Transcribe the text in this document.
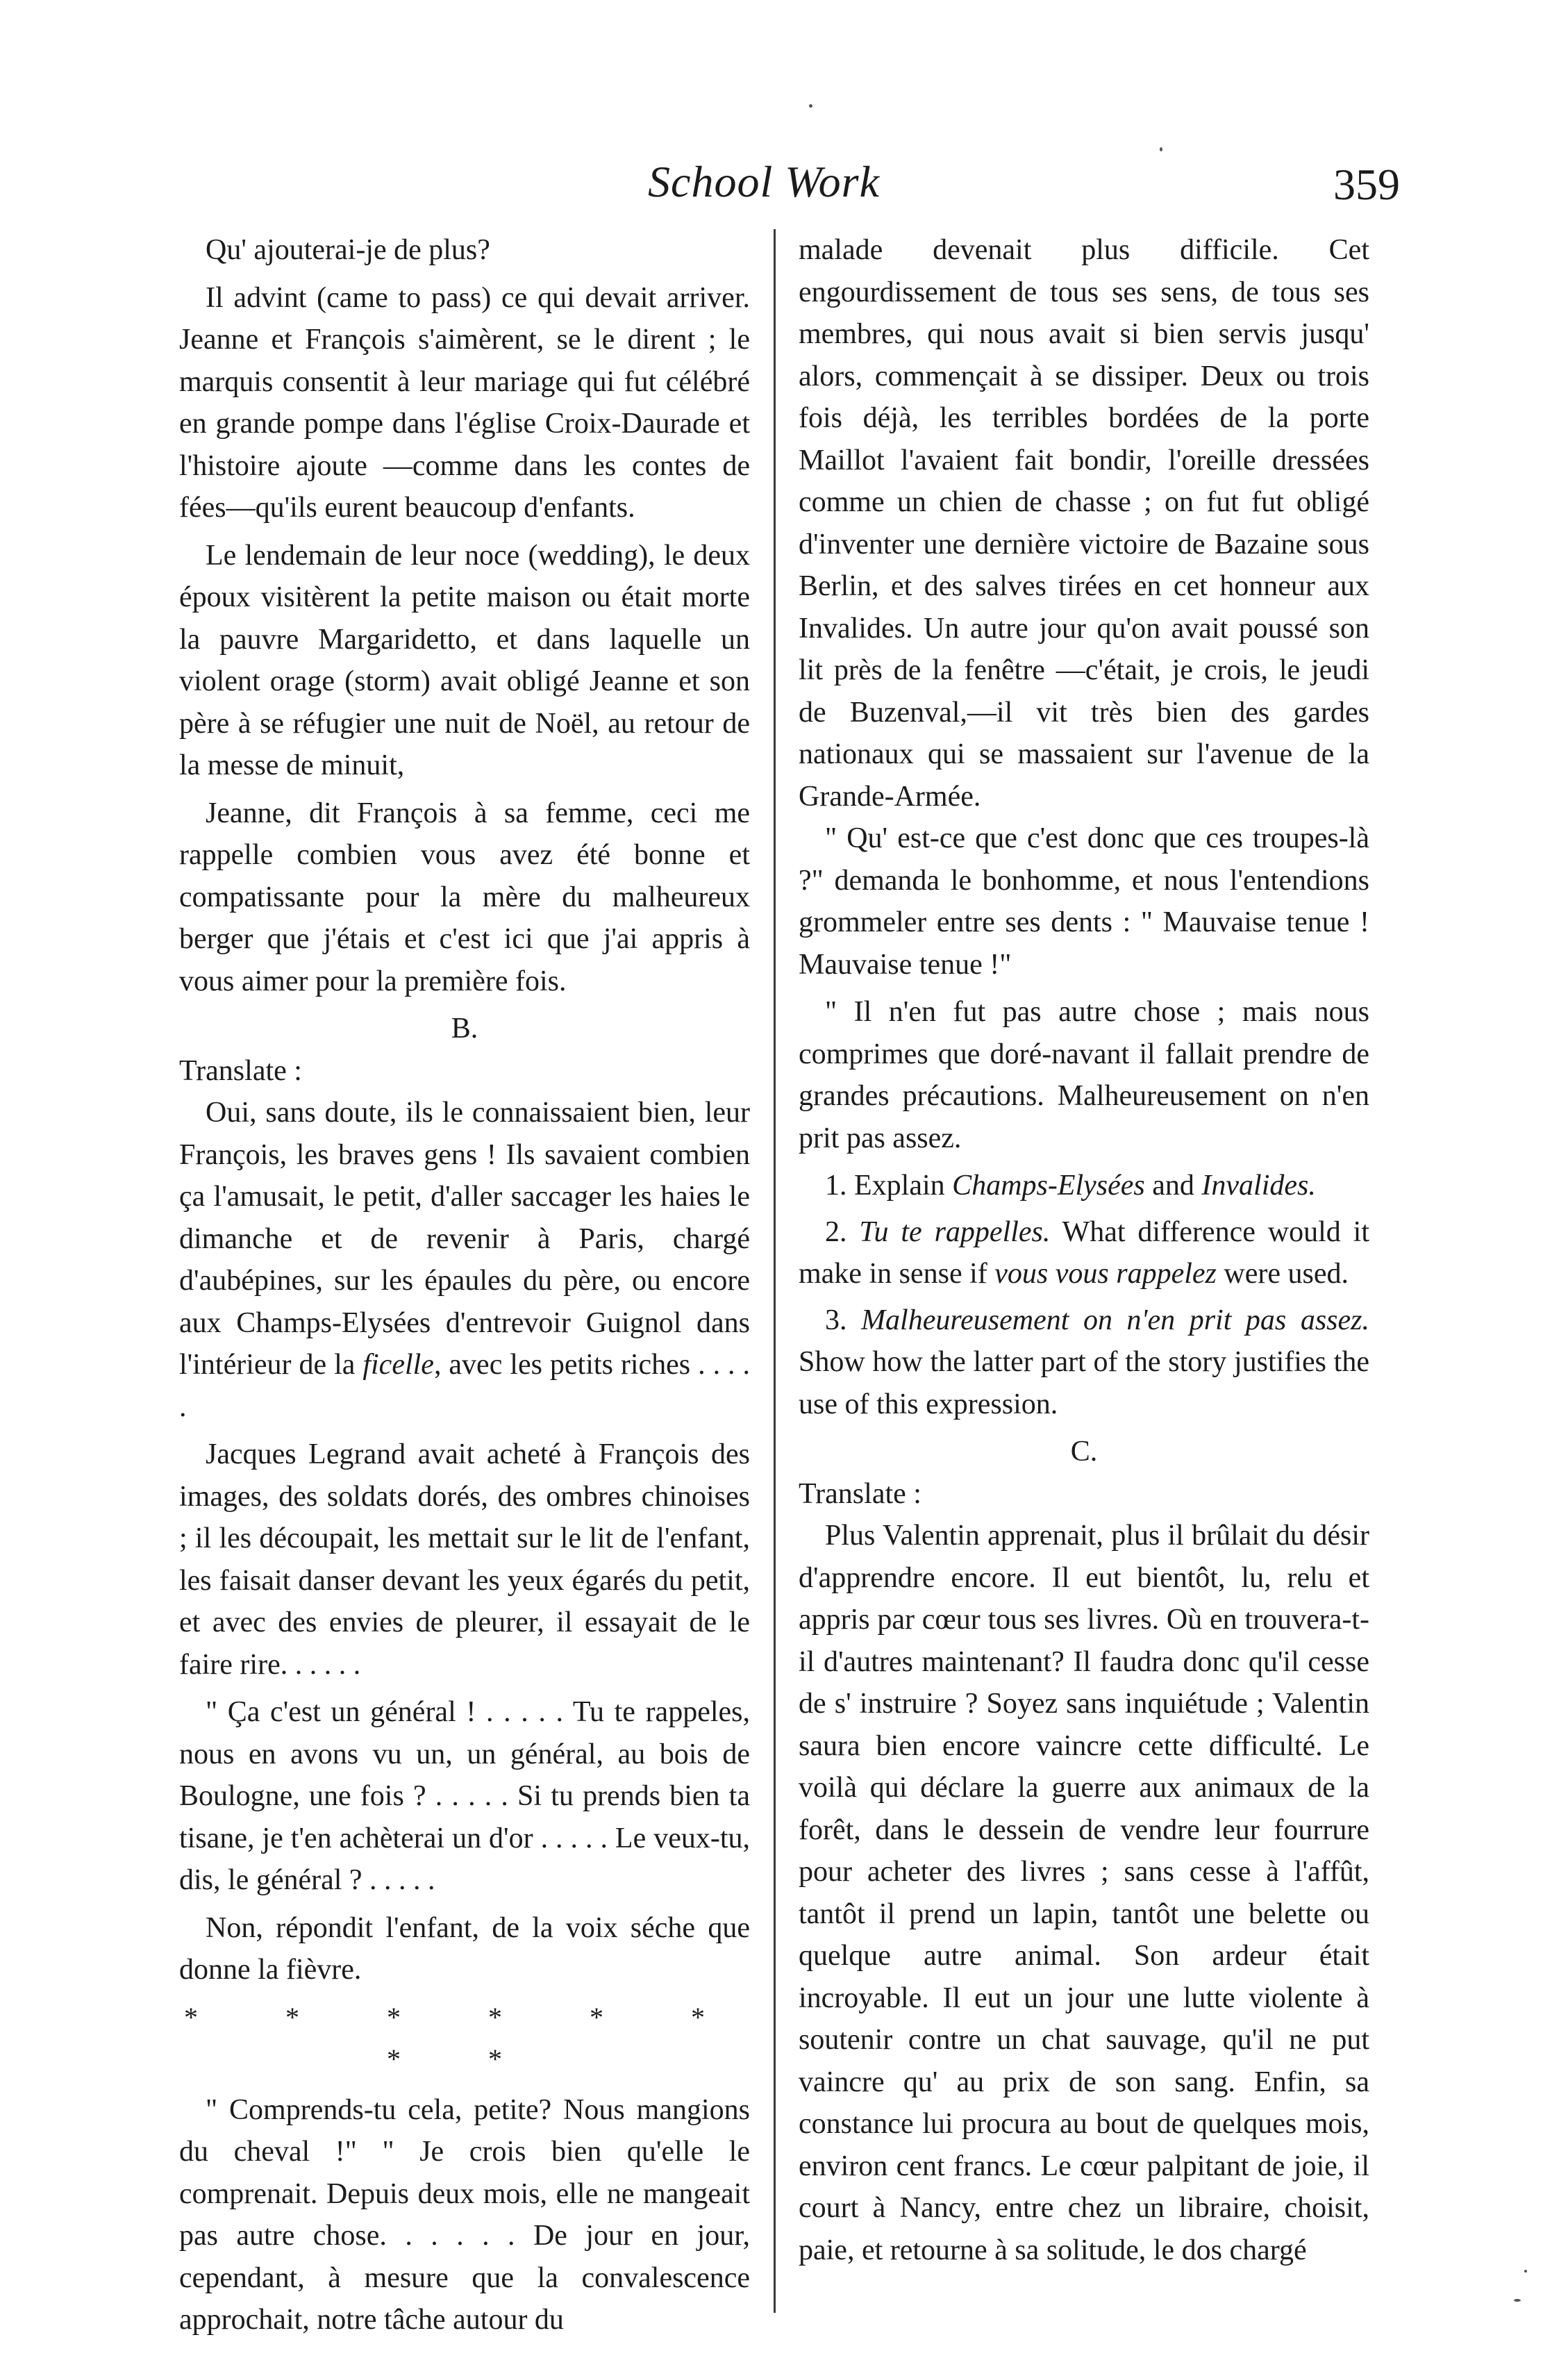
School Work	359

Qu' ajouterai-je de plus?

Il advint (came to pass) ce qui devait arriver. Jeanne et François s'aimèrent, se le dirent ; le marquis consentit à leur mariage qui fut célébré en grande pompe dans l'église Croix-Daurade et l'histoire ajoute —comme dans les contes de fées—qu'ils eurent beaucoup d'enfants.

Le lendemain de leur noce (wedding), le deux époux visitèrent la petite maison ou était morte la pauvre Margaridetto, et dans laquelle un violent orage (storm) avait obligé Jeanne et son père à se réfugier une nuit de Noël, au retour de la messe de minuit,

Jeanne, dit François à sa femme, ceci me rappelle combien vous avez été bonne et compatissante pour la mère du malheureux berger que j'étais et c'est ici que j'ai appris à vous aimer pour la première fois.

B.

Translate :

Oui, sans doute, ils le connaissaient bien, leur François, les braves gens ! Ils savaient combien ça l'amusait, le petit, d'aller saccager les haies le dimanche et de revenir à Paris, chargé d'aubépines, sur les épaules du père, ou encore aux Champs-Elysées d'entrevoir Guignol dans l'intérieur de la ficelle, avec les petits riches . . . . .

Jacques Legrand avait acheté à François des images, des soldats dorés, des ombres chinoises ; il les découpait, les mettait sur le lit de l'enfant, les faisait danser devant les yeux égarés du petit, et avec des envies de pleurer, il essayait de le faire rire. . . . . .

" Ça c'est un général ! . . . . . Tu te rappeles, nous en avons vu un, un général, au bois de Boulogne, une fois ? . . . . . Si tu prends bien ta tisane, je t'en achèterai un d'or . . . . . Le veux-tu, dis, le général ? . . . . .

Non, répondit l'enfant, de la voix séche que donne la fièvre.

* * * * * * * *

" Comprends-tu cela, petite? Nous mangions du cheval !" " Je crois bien qu'elle le comprenait. Depuis deux mois, elle ne mangeait pas autre chose. . . . . . De jour en jour, cependant, à mesure que la convalescence approchait, notre tâche autour du

malade devenait plus difficile. Cet engourdissement de tous ses sens, de tous ses membres, qui nous avait si bien servis jusqu' alors, commençait à se dissiper. Deux ou trois fois déjà, les terribles bordées de la porte Maillot l'avaient fait bondir, l'oreille dressées comme un chien de chasse ; on fut fut obligé d'inventer une dernière victoire de Bazaine sous Berlin, et des salves tirées en cet honneur aux Invalides. Un autre jour qu'on avait poussé son lit près de la fenêtre —c'était, je crois, le jeudi de Buzenval,—il vit très bien des gardes nationaux qui se massaient sur l'avenue de la Grande-Armée.

" Qu' est-ce que c'est donc que ces troupes-là ?" demanda le bonhomme, et nous l'entendions grommeler entre ses dents : " Mauvaise tenue ! Mauvaise tenue !"

" Il n'en fut pas autre chose ; mais nous comprimes que doré-navant il fallait prendre de grandes précautions. Malheureusement on n'en prit pas assez.

1. Explain Champs-Elysées and Invalides.

2. Tu te rappelles. What difference would it make in sense if vous vous rappelez were used.

3. Malheureusement on n'en prit pas assez. Show how the latter part of the story justifies the use of this expression.

C.

Translate :

Plus Valentin apprenait, plus il brûlait du désir d'apprendre encore. Il eut bientôt, lu, relu et appris par cœur tous ses livres. Où en trouvera-t-il d'autres maintenant? Il faudra donc qu'il cesse de s' instruire ? Soyez sans inquiétude ; Valentin saura bien encore vaincre cette difficulté. Le voilà qui déclare la guerre aux animaux de la forêt, dans le dessein de vendre leur fourrure pour acheter des livres ; sans cesse à l'affût, tantôt il prend un lapin, tantôt une belette ou quelque autre animal. Son ardeur était incroyable. Il eut un jour une lutte violente à soutenir contre un chat sauvage, qu'il ne put vaincre qu' au prix de son sang. Enfin, sa constance lui procura au bout de quelques mois, environ cent francs. Le cœur palpitant de joie, il court à Nancy, entre chez un libraire, choisit, paie, et retourne à sa solitude, le dos chargé
